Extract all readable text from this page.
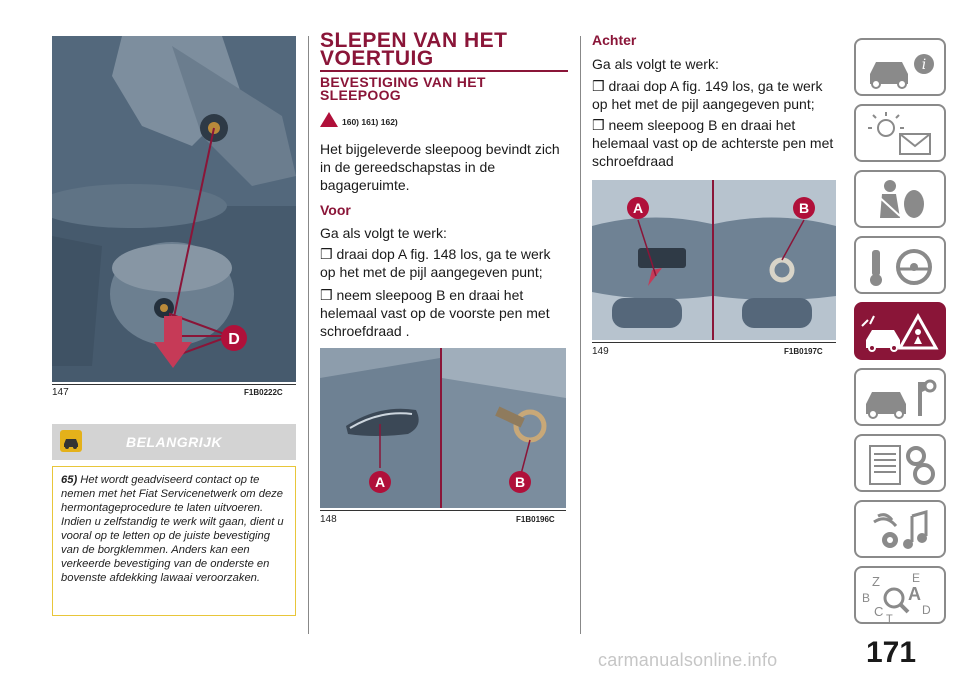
D
147	F1B0222C
BELANGRIJK
65) Het wordt geadviseerd contact op te nemen met het Fiat Servicenetwerk om deze hermontageprocedure te laten uitvoeren. Indien u zelfstandig te werk wilt gaan, dient u vooral op te letten op de juiste bevestiging van de borgklemmen. Anders kan een verkeerde bevestiging van de onderste en bovenste afdekking lawaai veroorzaken.
SLEPEN VAN HET
VOERTUIG
BEVESTIGING VAN HET
SLEEPOOG
160) 161) 162)
Het bijgeleverde sleepoog bevindt zich in de gereedschapstas in de bagageruimte.
Voor
Ga als volgt te werk:
❒ draai dop A fig. 148 los, ga te werk op het met de pijl aangegeven punt;
❒ neem sleepoog B en draai het helemaal vast op de voorste pen met schroefdraad .
A	B
148	F1B0196C
Achter
Ga als volgt te werk:
❒ draai dop A fig. 149 los, ga te werk op het met de pijl aangegeven punt;
❒ neem sleepoog B en draai het helemaal vast op de achterste pen met schroefdraad
A	B
149	F1B0197C
i
Z	E
B A
C T
D
171
carmanualsonline.info
